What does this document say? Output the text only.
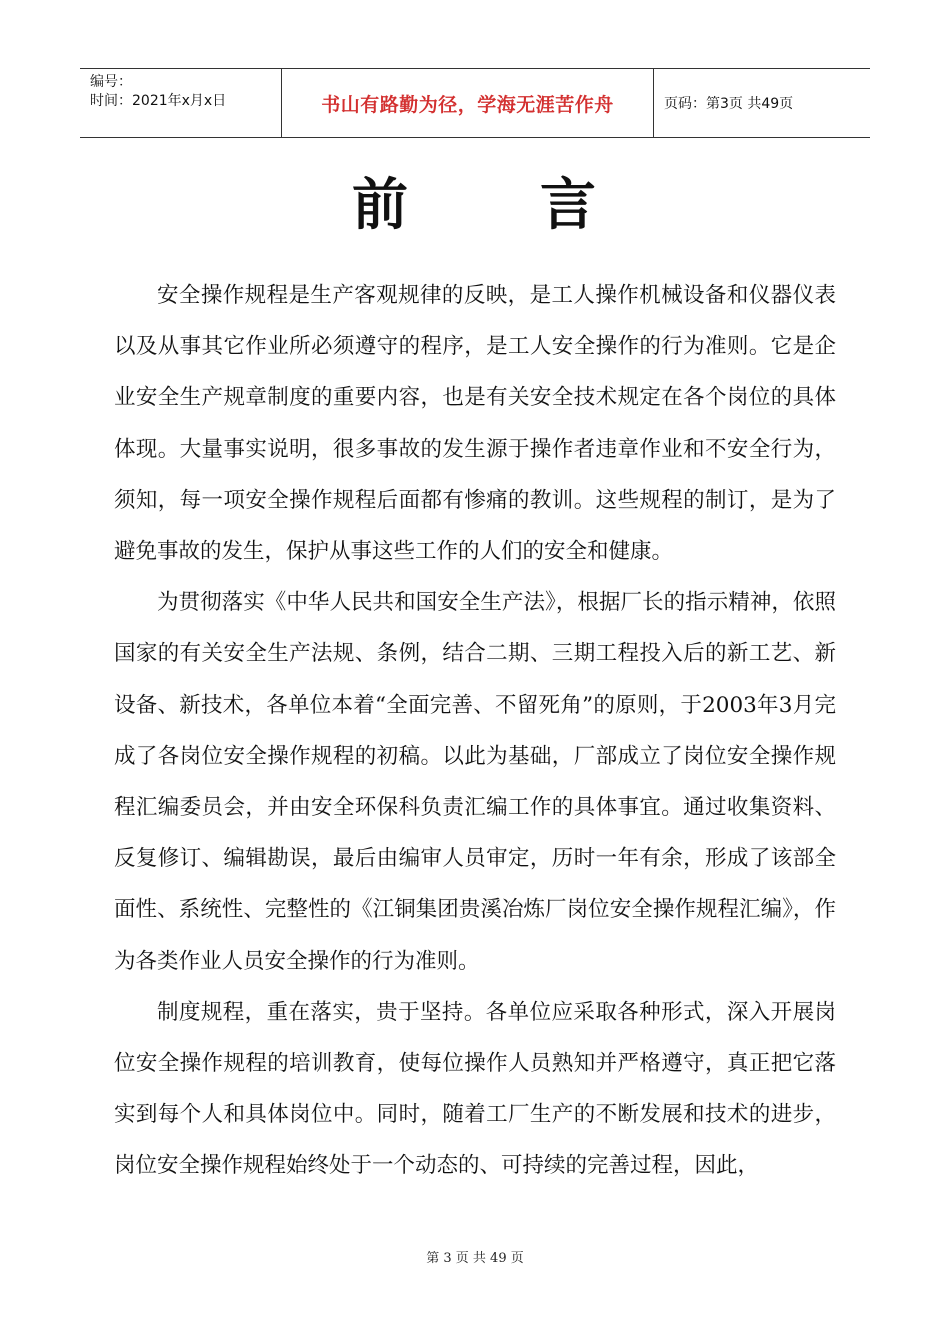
编号：
时间：2021年x月x日	书山有路勤为径，学海无涯苦作舟	页码：第3页 共49页
前 言

安全操作规程是生产客观规律的反映，是工人操作机械设备和仪器仪表以及从事其它作业所必须遵守的程序，是工人安全操作的行为准则。它是企业安全生产规章制度的重要内容，也是有关安全技术规定在各个岗位的具体体现。大量事实说明，很多事故的发生源于操作者违章作业和不安全行为，须知，每一项安全操作规程后面都有惨痛的教训。这些规程的制订，是为了避免事故的发生，保护从事这些工作的人们的安全和健康。

为贯彻落实《中华人民共和国安全生产法》，根据厂长的指示精神，依照国家的有关安全生产法规、条例，结合二期、三期工程投入后的新工艺、新设备、新技术，各单位本着“全面完善、不留死角”的原则，于2003年3月完成了各岗位安全操作规程的初稿。以此为基础，厂部成立了岗位安全操作规程汇编委员会，并由安全环保科负责汇编工作的具体事宜。通过收集资料、反复修订、编辑勘误，最后由编审人员审定，历时一年有余，形成了该部全面性、系统性、完整性的《江铜集团贵溪冶炼厂岗位安全操作规程汇编》，作为各类作业人员安全操作的行为准则。

制度规程，重在落实，贵于坚持。各单位应采取各种形式，深入开展岗位安全操作规程的培训教育，使每位操作人员熟知并严格遵守，真正把它落实到每个人和具体岗位中。同时，随着工厂生产的不断发展和技术的进步，岗位安全操作规程始终处于一个动态的、可持续的完善过程，因此，

第 3 页 共 49 页
